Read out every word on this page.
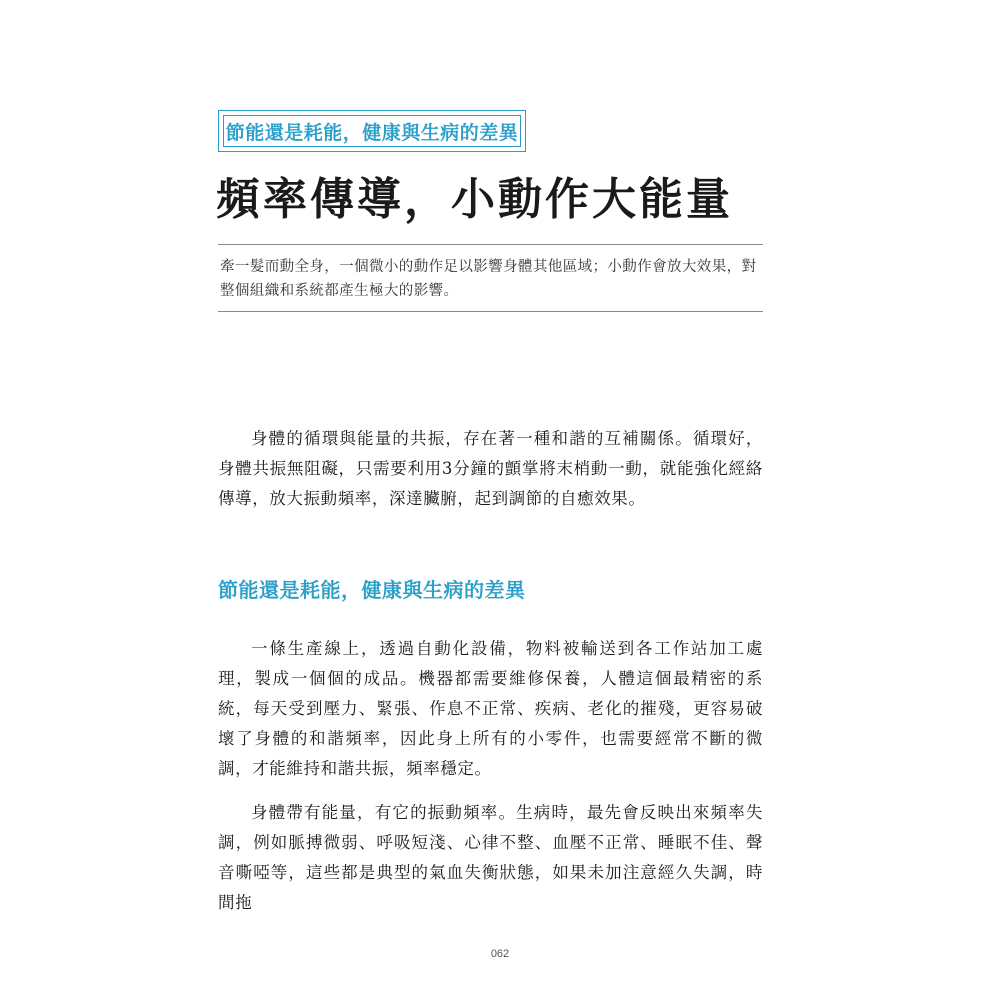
節能還是耗能，健康與生病的差異
頻率傳導，小動作大能量

牽一髮而動全身，一個微小的動作足以影響身體其他區域；小動作會放大效果，對整個組織和系統都產生極大的影響。

身體的循環與能量的共振，存在著一種和諧的互補關係。循環好，身體共振無阻礙，只需要利用3分鐘的顫掌將末梢動一動，就能強化經絡傳導，放大振動頻率，深達臟腑，起到調節的自癒效果。

節能還是耗能，健康與生病的差異

一條生產線上，透過自動化設備，物料被輸送到各工作站加工處理，製成一個個的成品。機器都需要維修保養，人體這個最精密的系統，每天受到壓力、緊張、作息不正常、疾病、老化的摧殘，更容易破壞了身體的和諧頻率，因此身上所有的小零件，也需要經常不斷的微調，才能維持和諧共振，頻率穩定。

身體帶有能量，有它的振動頻率。生病時，最先會反映出來頻率失調，例如脈搏微弱、呼吸短淺、心律不整、血壓不正常、睡眠不佳、聲音嘶啞等，這些都是典型的氣血失衡狀態，如果未加注意經久失調，時間拖

062
